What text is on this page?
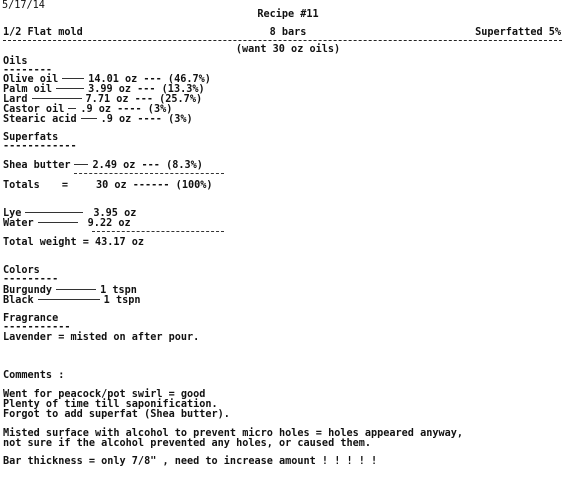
5/17/14
Recipe #11
1/2 Flat mold	8 bars	Superfatted 5%
(want 30 oz oils)
Oils
--------
Olive oil	14.01 oz --- (46.7%)
Palm oil	3.99 oz --- (13.3%)
Lard	7.71 oz --- (25.7%)
Castor oil .9 oz ---- (3%)
Stearic acid .9 oz ---- (3%)
Superfats
------------
Shea butter 2.49 oz --- (8.3%)
Totals =	30 oz ------ (100%)
Lye	3.95 oz
Water	9.22 oz
Total weight = 43.17 oz
Colors
---------
Burgundy	1 tspn
Black	1 tspn
Fragrance
-----------
Lavender = misted on after pour.
Comments :
Went for peacock/pot swirl = good
Plenty of time till saponification.
Forgot to add superfat (Shea butter).
Misted surface with alcohol to prevent micro holes = holes appeared anyway,
not sure if the alcohol prevented any holes, or caused them.
Bar thickness = only 7/8" , need to increase amount ! ! ! ! !
